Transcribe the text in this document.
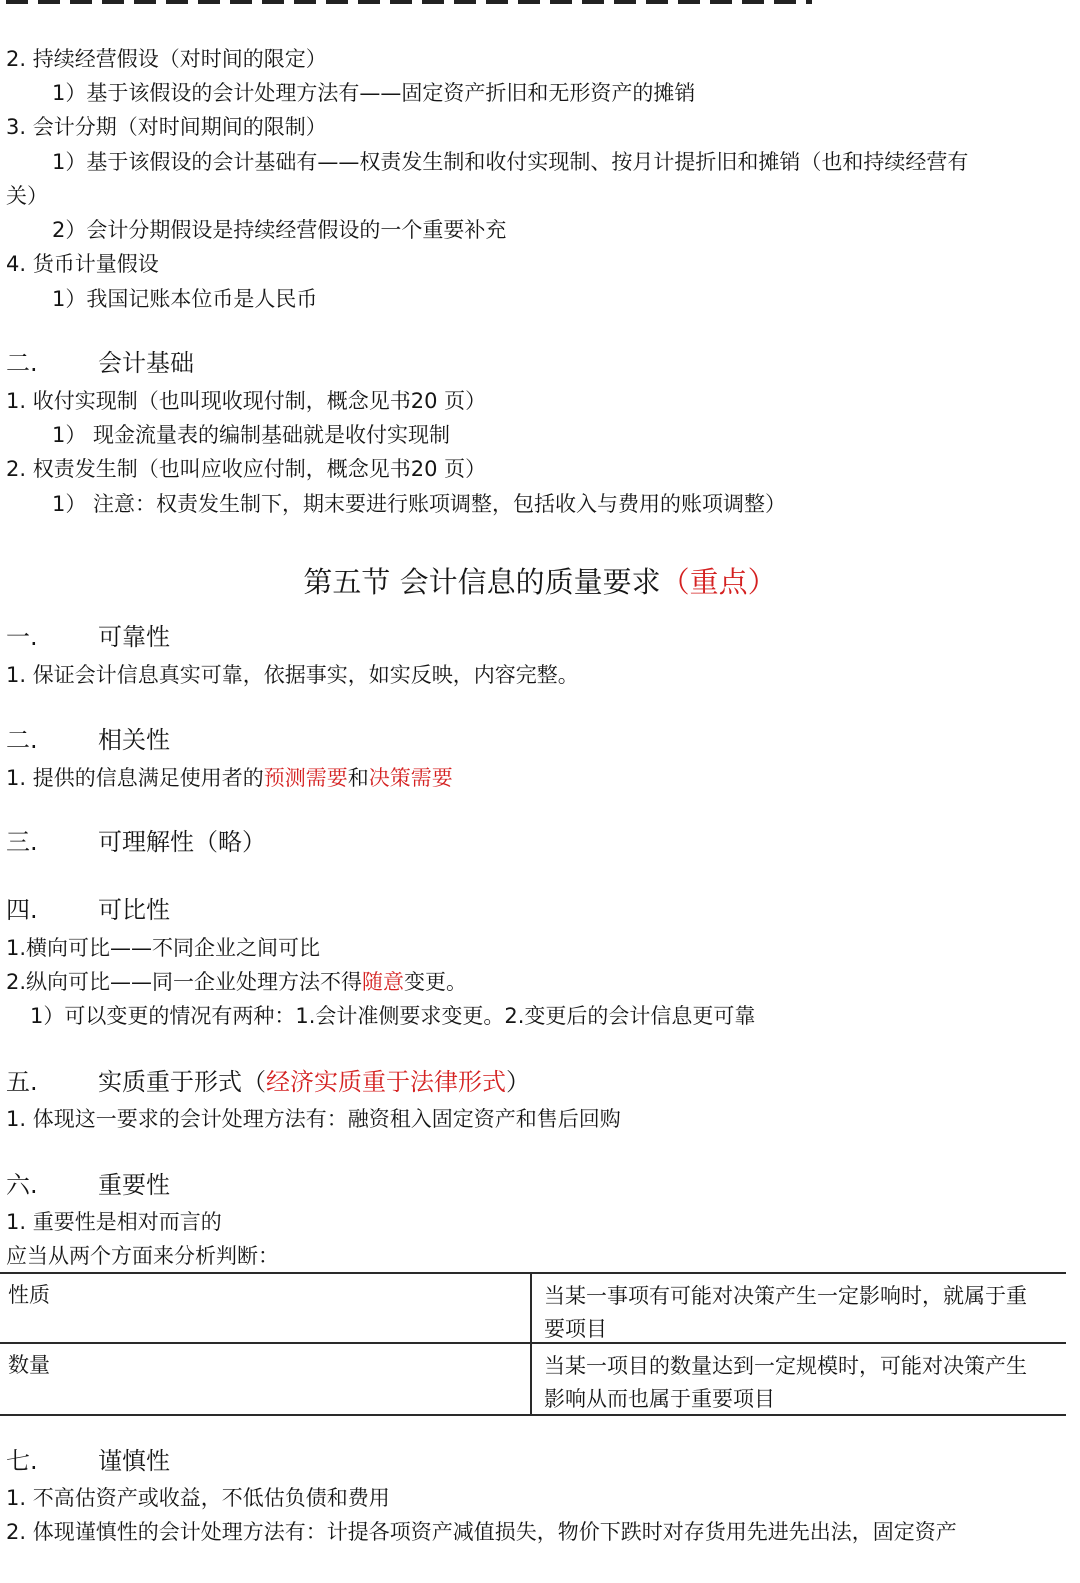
2. 持续经营假设（对时间的限定）
1）基于该假设的会计处理方法有——固定资产折旧和无形资产的摊销
3. 会计分期（对时间期间的限制）
1）基于该假设的会计基础有——权责发生制和收付实现制、按月计提折旧和摊销（也和持续经营有
关）
2）会计分期假设是持续经营假设的一个重要补充
4. 货币计量假设
1）我国记账本位币是人民币
二.	会计基础
1. 收付实现制（也叫现收现付制，概念见书20 页）
1） 现金流量表的编制基础就是收付实现制
2. 权责发生制（也叫应收应付制，概念见书20 页）
1） 注意：权责发生制下，期末要进行账项调整，包括收入与费用的账项调整）
第五节 会计信息的质量要求（重点）
一.	可靠性
1. 保证会计信息真实可靠，依据事实，如实反映，内容完整。
二.	相关性
1. 提供的信息满足使用者的预测需要和决策需要
三.	可理解性（略）
四.	可比性
1.横向可比——不同企业之间可比
2.纵向可比——同一企业处理方法不得随意变更。
1）可以变更的情况有两种：1.会计准侧要求变更。2.变更后的会计信息更可靠
五.	实质重于形式（经济实质重于法律形式）
1. 体现这一要求的会计处理方法有：融资租入固定资产和售后回购
六.	重要性
1. 重要性是相对而言的
应当从两个方面来分析判断：
性质	当某一事项有可能对决策产生一定影响时，就属于重要项目
数量	当某一项目的数量达到一定规模时，可能对决策产生影响从而也属于重要项目
七.	谨慎性
1. 不高估资产或收益，不低估负债和费用
2. 体现谨慎性的会计处理方法有：计提各项资产减值损失，物价下跌时对存货用先进先出法，固定资产
